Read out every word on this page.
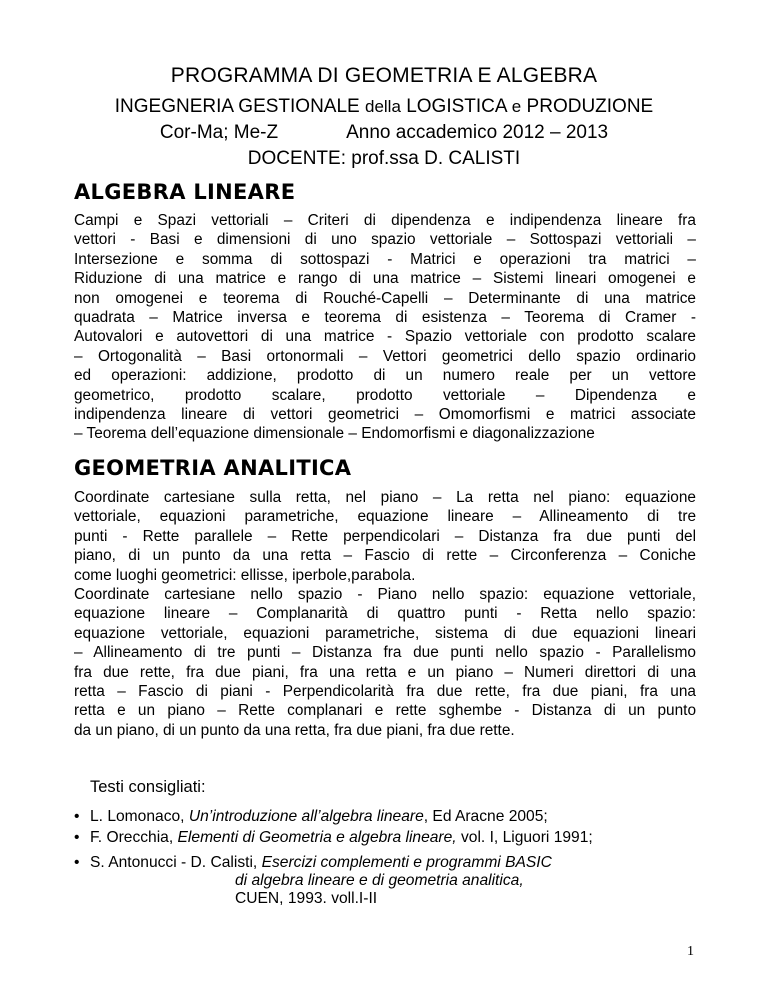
PROGRAMMA DI GEOMETRIA E ALGEBRA
INGEGNERIA GESTIONALE della LOGISTICA e PRODUZIONE
Cor-Ma; Me-Z	Anno accademico 2012 – 2013
DOCENTE: prof.ssa D. CALISTI
ALGEBRA LINEARE
Campi e Spazi vettoriali – Criteri di dipendenza e indipendenza lineare fra
vettori - Basi e dimensioni di uno spazio vettoriale – Sottospazi vettoriali –
Intersezione e somma di sottospazi - Matrici e operazioni tra matrici –
Riduzione di una matrice e rango di una matrice – Sistemi lineari omogenei e
non omogenei e teorema di Rouché-Capelli – Determinante di una matrice
quadrata – Matrice inversa e teorema di esistenza – Teorema di Cramer -
Autovalori e autovettori di una matrice - Spazio vettoriale con prodotto scalare
– Ortogonalità – Basi ortonormali – Vettori geometrici dello spazio ordinario
ed operazioni: addizione, prodotto di un numero reale per un vettore
geometrico, prodotto scalare, prodotto vettoriale – Dipendenza e
indipendenza lineare di vettori geometrici – Omomorfismi e matrici associate
– Teorema dell’equazione dimensionale – Endomorfismi e diagonalizzazione
GEOMETRIA ANALITICA
Coordinate cartesiane sulla retta, nel piano – La retta nel piano: equazione
vettoriale, equazioni parametriche, equazione lineare – Allineamento di tre
punti - Rette parallele – Rette perpendicolari – Distanza fra due punti del
piano, di un punto da una retta – Fascio di rette – Circonferenza – Coniche
come luoghi geometrici: ellisse, iperbole,parabola.
Coordinate cartesiane nello spazio - Piano nello spazio: equazione vettoriale,
equazione lineare – Complanarità di quattro punti - Retta nello spazio:
equazione vettoriale, equazioni parametriche, sistema di due equazioni lineari
– Allineamento di tre punti – Distanza fra due punti nello spazio - Parallelismo
fra due rette, fra due piani, fra una retta e un piano – Numeri direttori di una
retta – Fascio di piani - Perpendicolarità fra due rette, fra due piani, fra una
retta e un piano – Rette complanari e rette sghembe - Distanza di un punto
da un piano, di un punto da una retta, fra due piani, fra due rette.
Testi consigliati:
• L. Lomonaco, Un’introduzione all’algebra lineare, Ed Aracne 2005;
• F. Orecchia, Elementi di Geometria e algebra lineare, vol. I, Liguori 1991;
• S. Antonucci - D. Calisti, Esercizi complementi e programmi BASIC
di algebra lineare e di geometria analitica,
CUEN, 1993. voll.I-II
1
